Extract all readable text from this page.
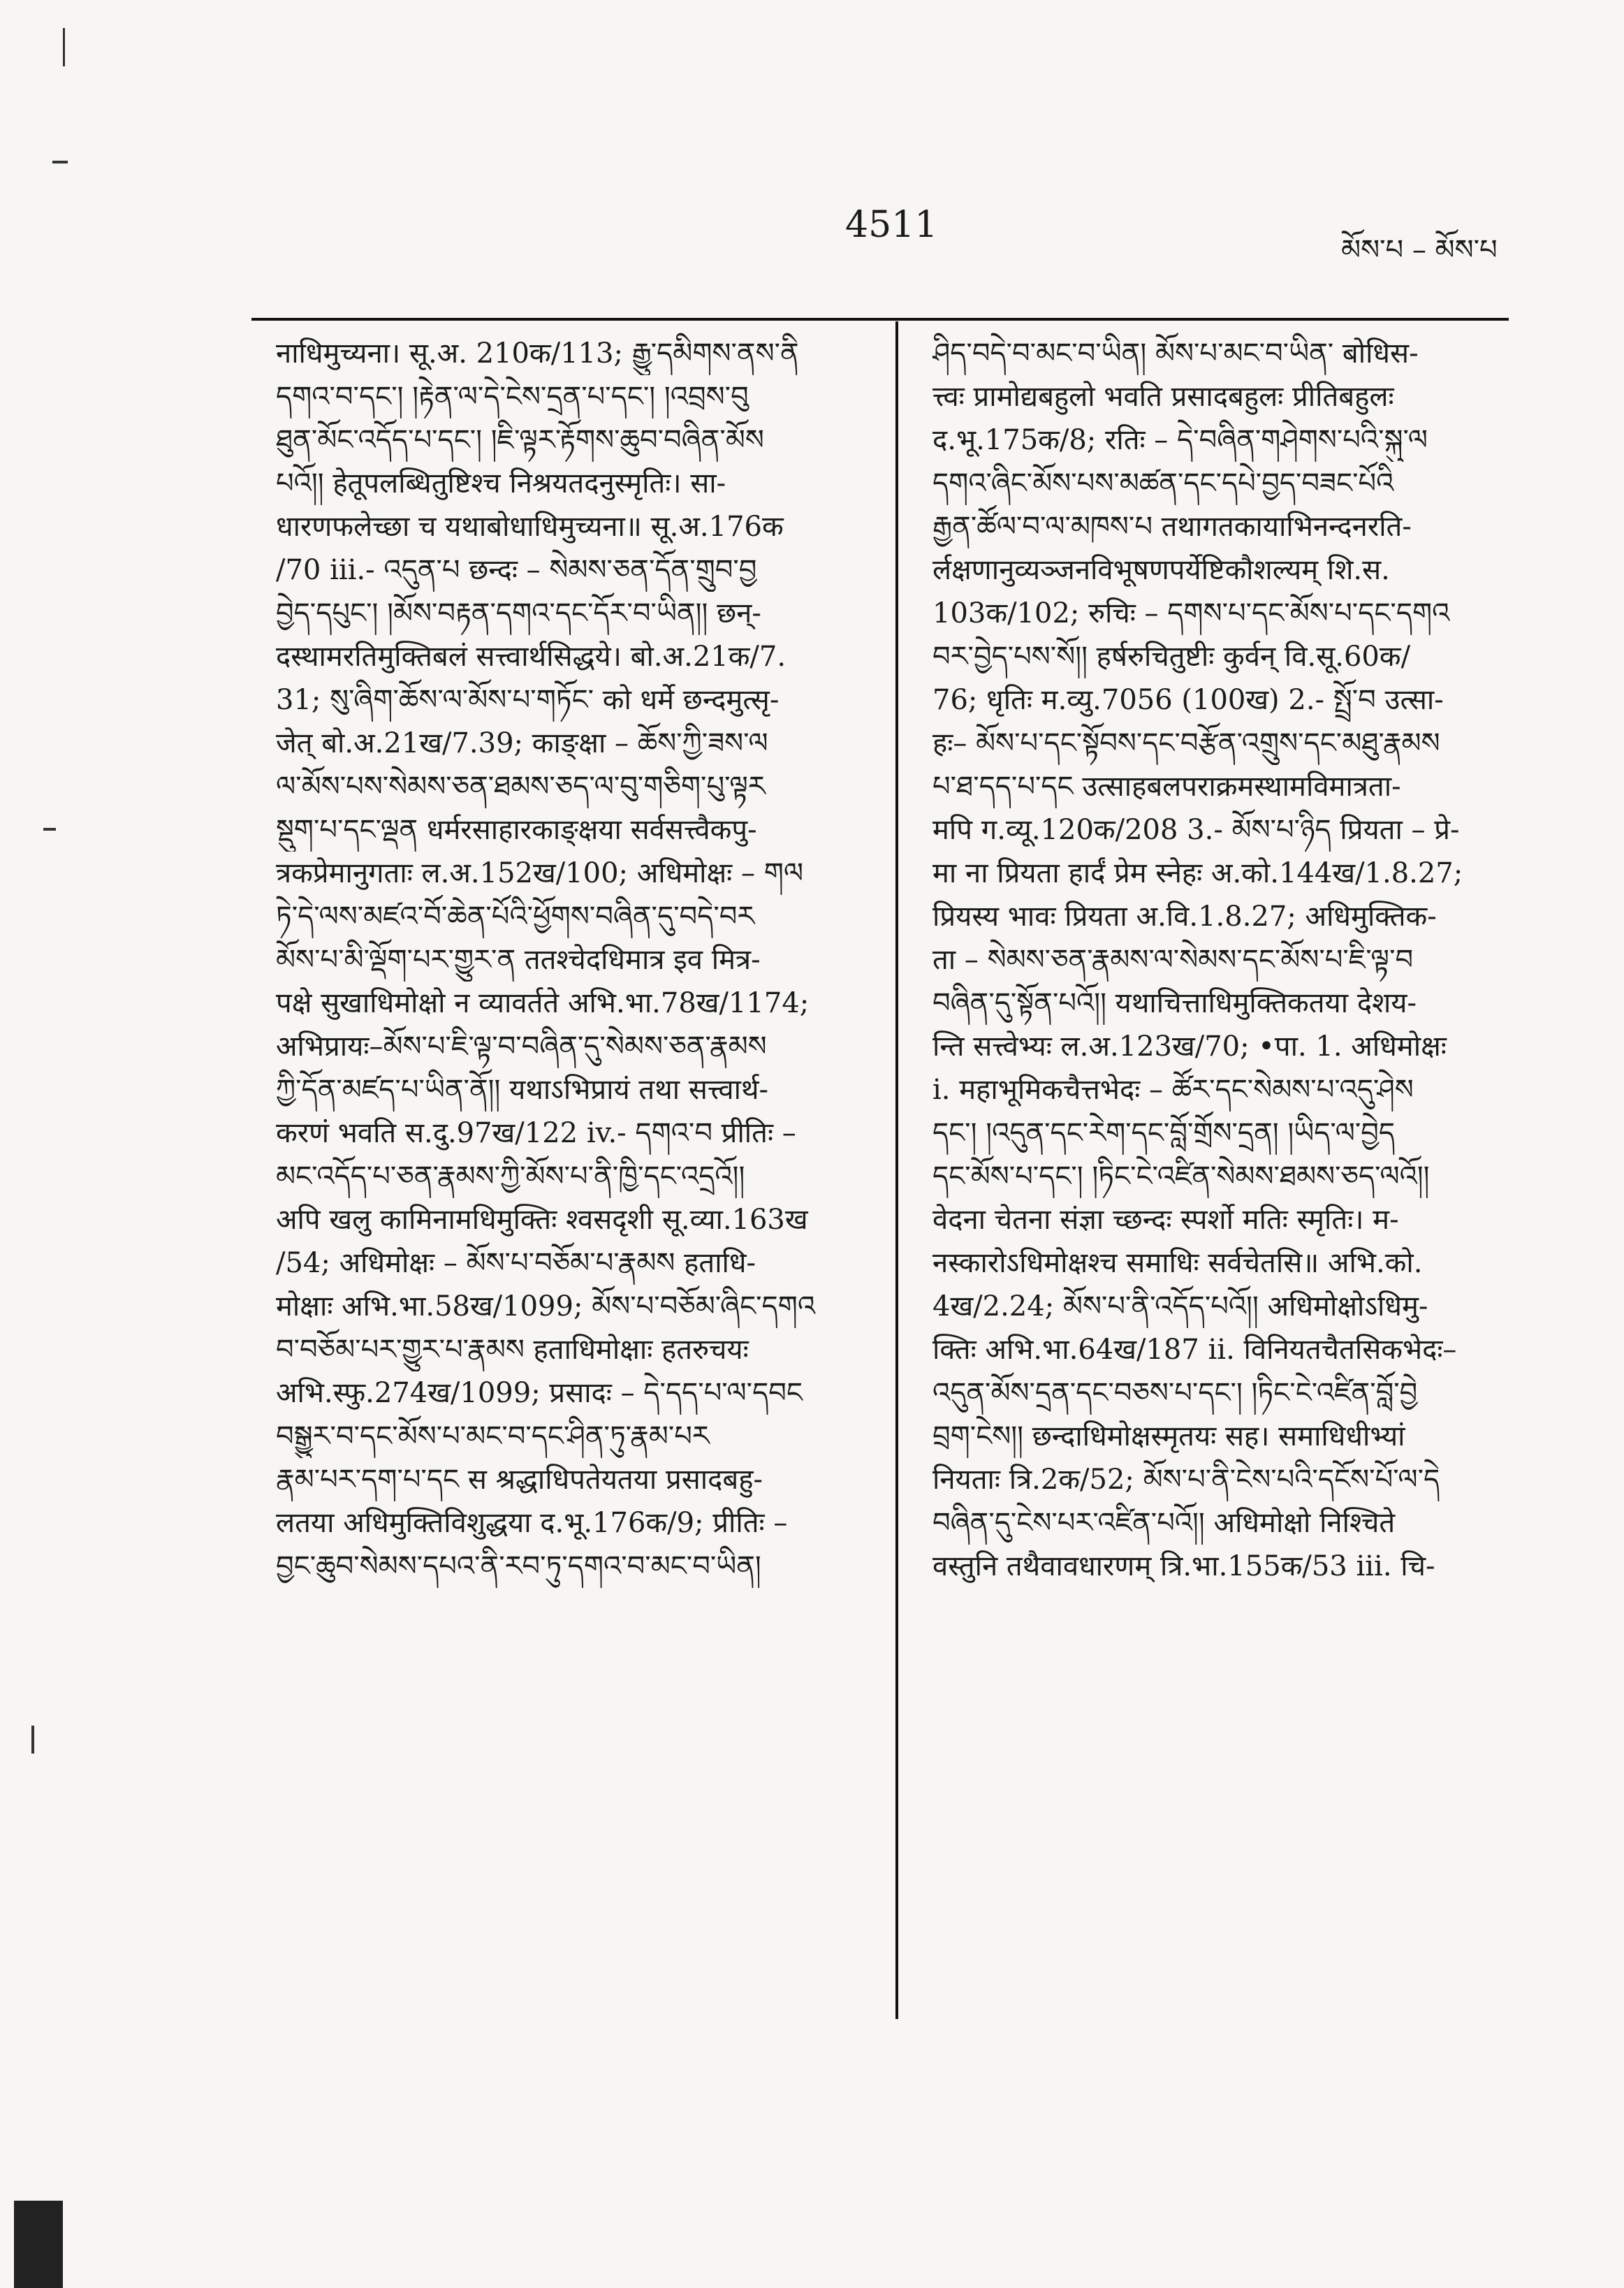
4511
མོས་པ – མོས་པ
नाधिमुच्यना। सू.अ. 210क/113; རྒྱུ་དམིགས་ནས་ནི
དགའ་བ་དང་། །རྟེན་ལ་དེ་ངེས་དྲན་པ་དང་། །འབྲས་བུ
ཐུན་མོང་འདོད་པ་དང་། །ཇི་ལྟར་རྟོགས་ཆུབ་བཞིན་མོས
པའོ།། हेतूपलब्धितुष्टिश्च निश्रयतदनुस्मृतिः। सा-
धारणफलेच्छा च यथाबोधाधिमुच्यना॥ सू.अ.176क
/70 iii.- འདུན་པ छन्दः – སེམས་ཅན་དོན་གྲུབ་བྱ
བྱེད་དཔུང་། །མོས་བརྟན་དགའ་དང་དོར་བ་ཡིན།། छन्-
दस्थामरतिमुक्तिबलं सत्त्वार्थसिद्धये। बो.अ.21क/7.
31; སུ་ཞིག་ཆོས་ལ་མོས་པ་གཏོང་ को धर्मे छन्दमुत्सृ-
जेत् बो.अ.21ख/7.39; काङ्क्षा – ཆོས་ཀྱི་ཟས་ལ
ལ་མོས་པས་སེམས་ཅན་ཐམས་ཅད་ལ་བུ་གཅིག་པུ་ལྟར
སྡུག་པ་དང་ལྡན धर्मरसाहारकाङ्क्षया सर्वसत्त्वैकपु-
त्रकप्रेमानुगताः ल.अ.152ख/100; अधिमोक्षः – གལ
ཏེ་དེ་ལས་མཛའ་བོ་ཆེན་པོའི་ཕྱོགས་བཞིན་དུ་བདེ་བར
མོས་པ་མི་ལྡོག་པར་གྱུར་ན ततश्चेदधिमात्र इव मित्र-
पक्षे सुखाधिमोक्षो न व्यावर्तते अभि.भा.78ख/1174;
अभिप्रायः–མོས་པ་ཇི་ལྟ་བ་བཞིན་དུ་སེམས་ཅན་རྣམས
ཀྱི་དོན་མཛད་པ་ཡིན་ནོ།། यथाऽभिप्रायं तथा सत्त्वार्थ-
करणं भवति स.दु.97ख/122 iv.- དགའ་བ प्रीतिः –
མང་འདོད་པ་ཅན་རྣམས་ཀྱི་མོས་པ་ནི་ཁྱི་དང་འདྲའོ།།
अपि खलु कामिनामधिमुक्तिः श्वसदृशी सू.व्या.163ख
/54; अधिमोक्षः – མོས་པ་བཅོམ་པ་རྣམས हताधि-
मोक्षाः अभि.भा.58ख/1099; མོས་པ་བཅོམ་ཞིང་དགའ
བ་བཅོམ་པར་གྱུར་པ་རྣམས हताधिमोक्षाः हतरुचयः
अभि.स्फु.274ख/1099; प्रसादः – དེ་དད་པ་ལ་དབང
བསྒྱུར་བ་དང་མོས་པ་མང་བ་དང་ཤིན་ཏུ་རྣམ་པར
རྣམ་པར་དག་པ་དང स श्रद्धाधिपतेयतया प्रसादबहु-
लतया अधिमुक्तिविशुद्धया द.भू.176क/9; प्रीतिः –
བྱང་ཆུབ་སེམས་དཔའ་ནི་རབ་ཏུ་དགའ་བ་མང་བ་ཡིན།
ཤིད་བདེ་བ་མང་བ་ཡིན། མོས་པ་མང་བ་ཡིན་ बोधिस-
त्त्वः प्रामोद्यबहुलो भवति प्रसादबहुलः प्रीतिबहुलः
द.भू.175क/8; रतिः – དེ་བཞིན་གཤེགས་པའི་སྐུ་ལ
དགའ་ཞིང་མོས་པས་མཚན་དང་དཔེ་བྱད་བཟང་པོའི
རྒྱན་ཚོལ་བ་ལ་མཁས་པ तथागतकायाभिनन्दनरति-
र्लक्षणानुव्यञ्जनविभूषणपर्येष्टिकौशल्यम् शि.स.
103क/102; रुचिः – དགས་པ་དང་མོས་པ་དང་དགའ
བར་བྱེད་པས་སོ།། हर्षरुचितुष्टीः कुर्वन् वि.सू.60क/
76; धृतिः म.व्यु.7056 (100ख) 2.- སྤྲོ་བ उत्सा-
हः– མོས་པ་དང་སྟོབས་དང་བརྩོན་འགྲུས་དང་མཐུ་རྣམས
པ་ཐ་དད་པ་དང उत्साहबलपराक्रमस्थामविमात्रता-
मपि ग.व्यू.120क/208 3.- མོས་པ་ཉིད प्रियता – प्रे-
मा ना प्रियता हार्दं प्रेम स्नेहः अ.को.144ख/1.8.27;
प्रियस्य भावः प्रियता अ.वि.1.8.27; अधिमुक्तिक-
ता – སེམས་ཅན་རྣམས་ལ་སེམས་དང་མོས་པ་ཇི་ལྟ་བ
བཞིན་དུ་སྟོན་པའོ།། यथाचित्ताधिमुक्तिकतया देशय-
न्ति सत्त्वेभ्यः ल.अ.123ख/70; •पा. 1. अधिमोक्षः
i. महाभूमिकचैत्तभेदः – ཚོར་དང་སེམས་པ་འདུ་ཤེས
དང་། །འདུན་དང་རེག་དང་བློ་གྲོས་དྲན། །ཡིད་ལ་བྱེད
དང་མོས་པ་དང་། །ཏིང་ངེ་འཛིན་སེམས་ཐམས་ཅད་ལའོ།།
वेदना चेतना संज्ञा च्छन्दः स्पर्शो मतिः स्मृतिः। म-
नस्कारोऽधिमोक्षश्च समाधिः सर्वचेतसि॥ अभि.को.
4ख/2.24; མོས་པ་ནི་འདོད་པའོ།། अधिमोक्षोऽधिमु-
क्तिः अभि.भा.64ख/187 ii. विनियतचैतसिकभेदः–
འདུན་མོས་དྲན་དང་བཅས་པ་དང་། །ཏིང་ངེ་འཛིན་བློ་བྱེ
བྲག་ངེས།། छन्दाधिमोक्षस्मृतयः सह। समाधिधीभ्यां
नियताः त्रि.2क/52; མོས་པ་ནི་ངེས་པའི་དངོས་པོ་ལ་དེ
བཞིན་དུ་ངེས་པར་འཛིན་པའོ།། अधिमोक्षो निश्चिते
वस्तुनि तथैवावधारणम् त्रि.भा.155क/53 iii. चि-
